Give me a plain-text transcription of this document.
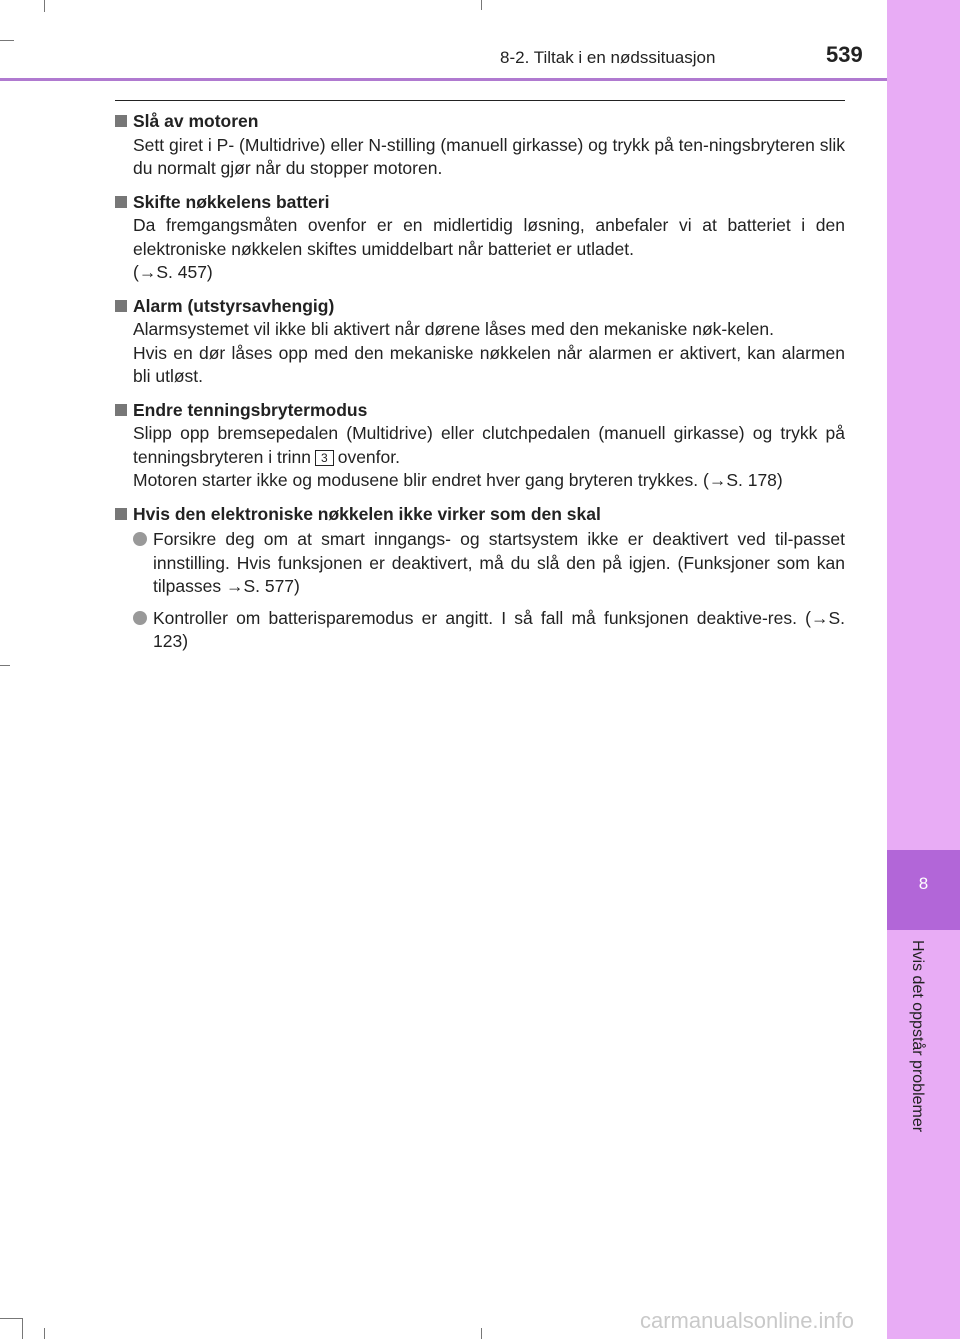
8
Hvis det oppstår problemer
8-2. Tiltak i en nødssituasjon	539
Slå av motoren
Sett giret i P- (Multidrive) eller N-stilling (manuell girkasse) og trykk på ten-ningsbryteren slik du normalt gjør når du stopper motoren.
Skifte nøkkelens batteri
Da fremgangsmåten ovenfor er en midlertidig løsning, anbefaler vi at batteriet i den elektroniske nøkkelen skiftes umiddelbart når batteriet er utladet.
(→S. 457)
Alarm (utstyrsavhengig)
Alarmsystemet vil ikke bli aktivert når dørene låses med den mekaniske nøk-kelen.
Hvis en dør låses opp med den mekaniske nøkkelen når alarmen er aktivert, kan alarmen bli utløst.
Endre tenningsbrytermodus
Slipp opp bremsepedalen (Multidrive) eller clutchpedalen (manuell girkasse) og trykk på tenningsbryteren i trinn 3 ovenfor.
Motoren starter ikke og modusene blir endret hver gang bryteren trykkes. (→S. 178)
Hvis den elektroniske nøkkelen ikke virker som den skal
Forsikre deg om at smart inngangs- og startsystem ikke er deaktivert ved til-passet innstilling. Hvis funksjonen er deaktivert, må du slå den på igjen. (Funksjoner som kan tilpasses →S. 577)
Kontroller om batterisparemodus er angitt. I så fall må funksjonen deaktive-res. (→S. 123)
carmanualsonline.info
